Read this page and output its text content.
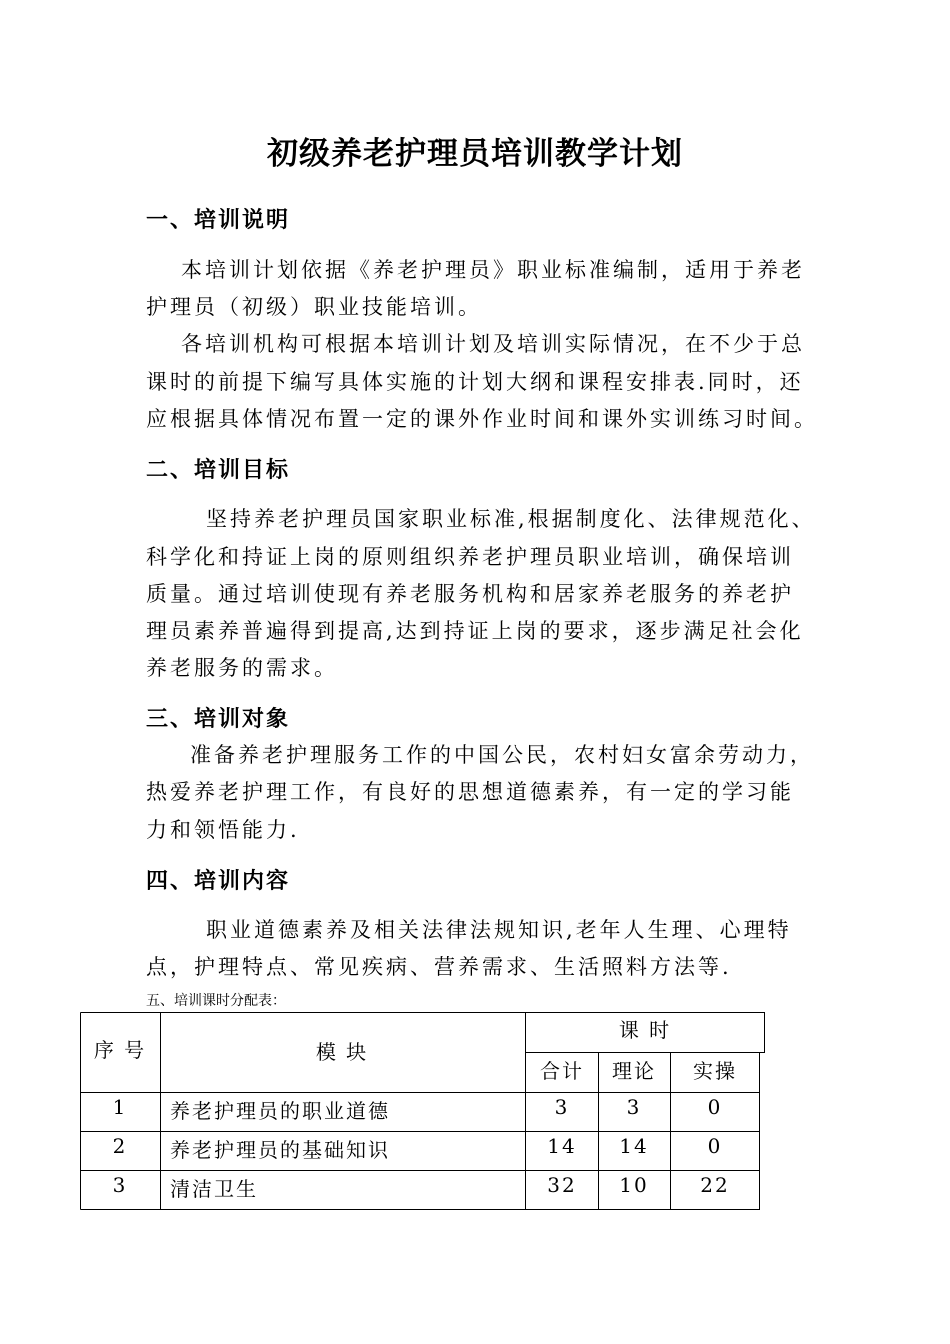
初级养老护理员培训教学计划
一、培训说明
本培训计划依据《养老护理员》职业标准编制，适用于养老
护理员（初级）职业技能培训。
各培训机构可根据本培训计划及培训实际情况，在不少于总
课时的前提下编写具体实施的计划大纲和课程安排表.同时，还
应根据具体情况布置一定的课外作业时间和课外实训练习时间。
二、培训目标
坚持养老护理员国家职业标准,根据制度化、法律规范化、
科学化和持证上岗的原则组织养老护理员职业培训，确保培训
质量。通过培训使现有养老服务机构和居家养老服务的养老护
理员素养普遍得到提高,达到持证上岗的要求，逐步满足社会化
养老服务的需求。
三、培训对象
准备养老护理服务工作的中国公民，农村妇女富余劳动力，
热爱养老护理工作，有良好的思想道德素养，有一定的学习能
力和领悟能力.
四、培训内容
职业道德素养及相关法律法规知识,老年人生理、心理特
点，护理特点、常见疾病、营养需求、生活照料方法等.
五、培训课时分配表：
序 号	模 块
课 时
合计 理论 实操
1 养老护理员的职业道德	3	3	0
2 养老护理员的基础知识	14 14	0
3 清洁卫生	32 10	22
